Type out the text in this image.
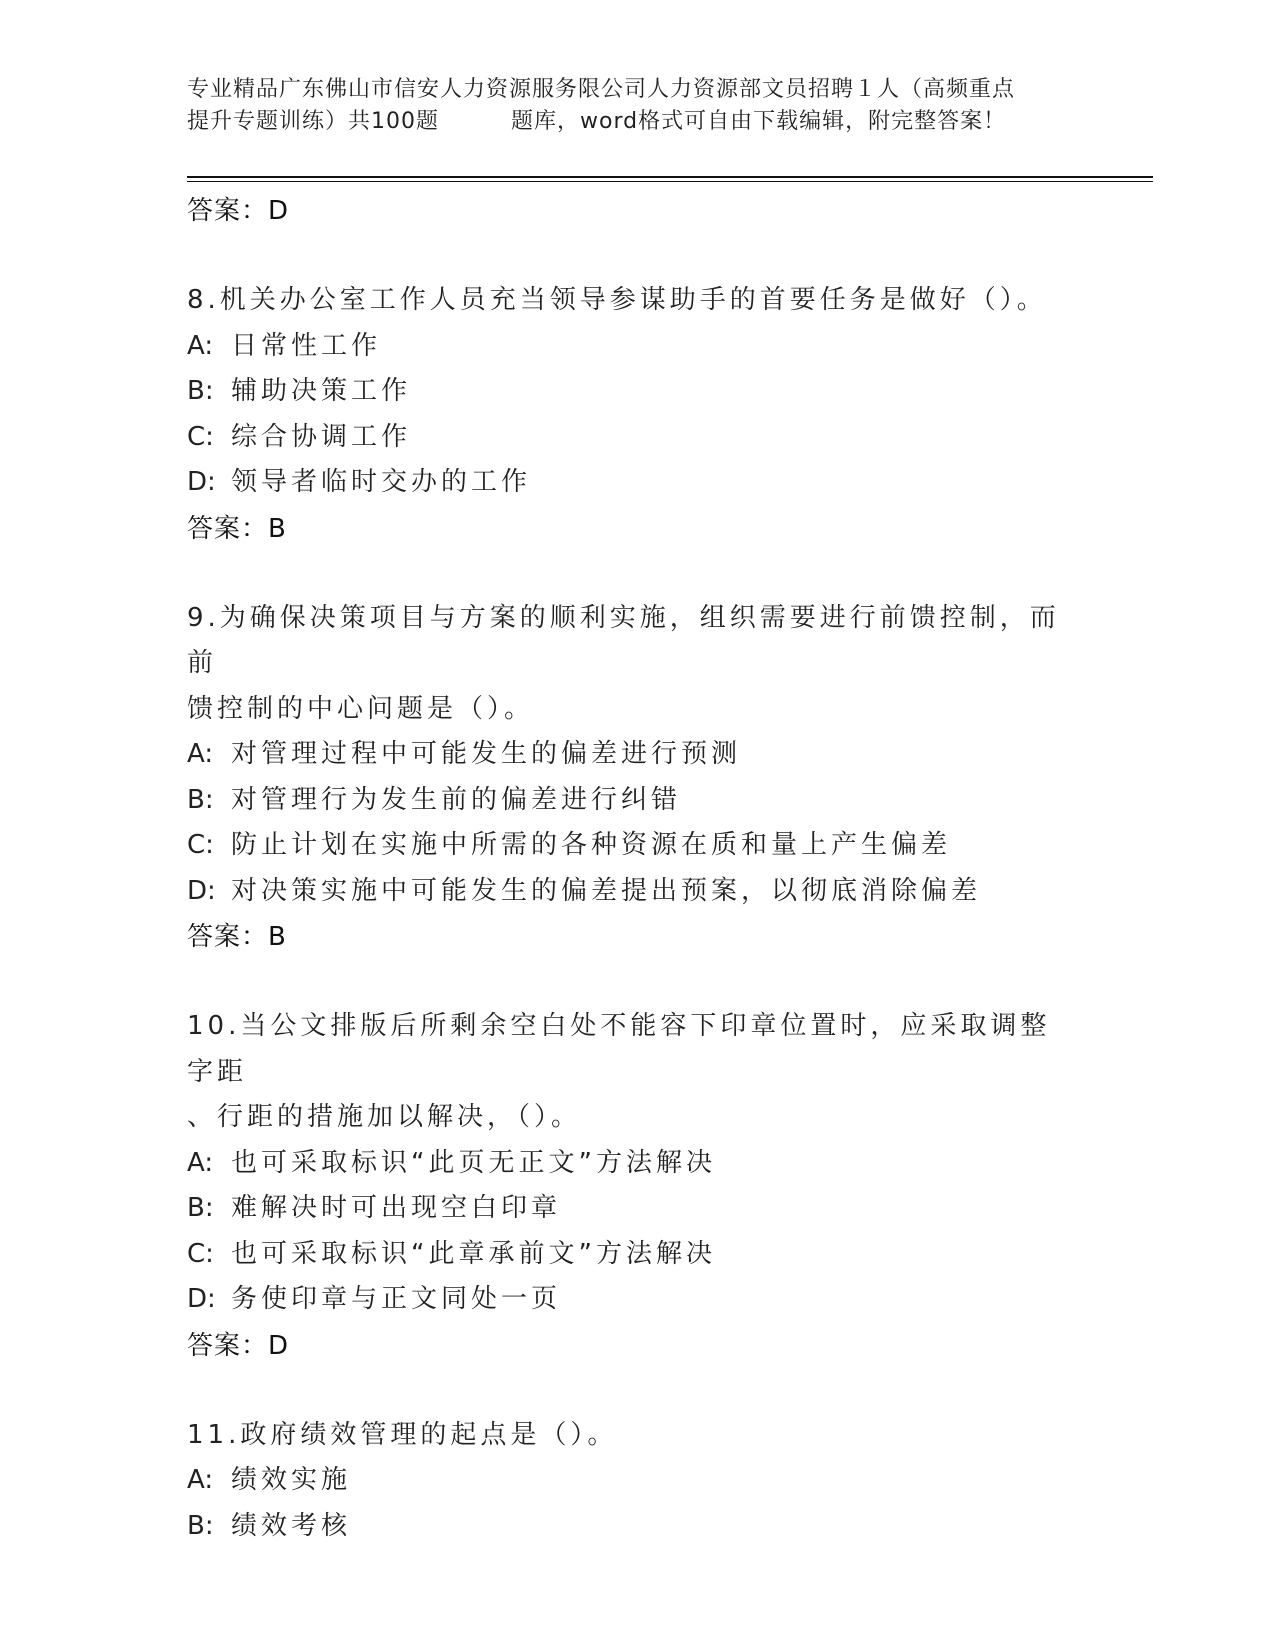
专业精品广东佛山市信安人力资源服务限公司人力资源部文员招聘１人（高频重点
提升专题训练）共100题	题库，word格式可自由下载编辑，附完整答案！
答案：D
8.机关办公室工作人员充当领导参谋助手的首要任务是做好（）。
A: 日常性工作
B: 辅助决策工作
C: 综合协调工作
D: 领导者临时交办的工作
答案：B
9.为确保决策项目与方案的顺利实施，组织需要进行前馈控制，而前
馈控制的中心问题是（）。
A: 对管理过程中可能发生的偏差进行预测
B: 对管理行为发生前的偏差进行纠错
C: 防止计划在实施中所需的各种资源在质和量上产生偏差
D: 对决策实施中可能发生的偏差提出预案，以彻底消除偏差
答案：B
10.当公文排版后所剩余空白处不能容下印章位置时，应采取调整字距
、行距的措施加以解决，（）。
A: 也可采取标识“此页无正文”方法解决
B: 难解决时可出现空白印章
C: 也可采取标识“此章承前文”方法解决
D: 务使印章与正文同处一页
答案：D
11.政府绩效管理的起点是（）。
A: 绩效实施
B: 绩效考核
